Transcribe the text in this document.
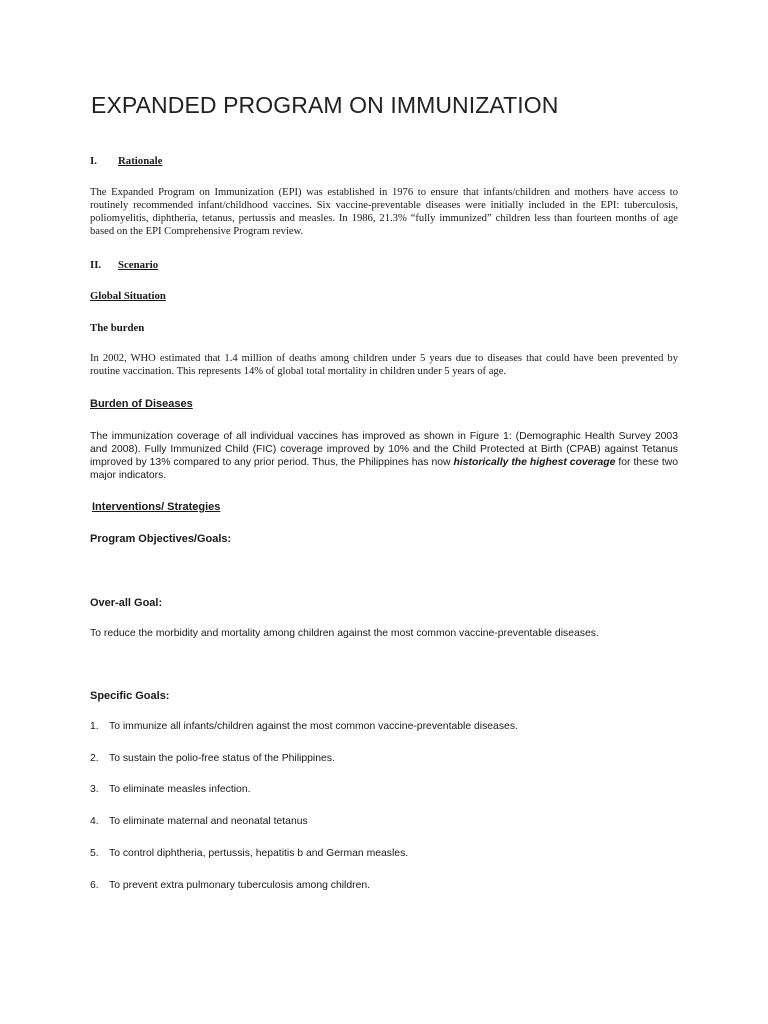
EXPANDED PROGRAM ON IMMUNIZATION
I. Rationale

The Expanded Program on Immunization (EPI) was established in 1976 to ensure that infants/children and mothers have access to routinely recommended infant/childhood vaccines. Six vaccine-preventable diseases were initially included in the EPI: tuberculosis, poliomyelitis, diphtheria, tetanus, pertussis and measles. In 1986, 21.3% “fully immunized” children less than fourteen months of age based on the EPI Comprehensive Program review.

II. Scenario
Global Situation
The burden

In 2002, WHO estimated that 1.4 million of deaths among children under 5 years due to diseases that could have been prevented by routine vaccination. This represents 14% of global total mortality in children under 5 years of age.

Burden of Diseases

The immunization coverage of all individual vaccines has improved as shown in Figure 1: (Demographic Health Survey 2003 and 2008). Fully Immunized Child (FIC) coverage improved by 10% and the Child Protected at Birth (CPAB) against Tetanus improved by 13% compared to any prior period. Thus, the Philippines has now historically the highest coverage for these two major indicators.

Interventions/ Strategies
Program Objectives/Goals:
Over-all Goal:

To reduce the morbidity and mortality among children against the most common vaccine-preventable diseases.

Specific Goals:
1. To immunize all infants/children against the most common vaccine-preventable diseases.
2. To sustain the polio-free status of the Philippines.
3. To eliminate measles infection.
4. To eliminate maternal and neonatal tetanus
5. To control diphtheria, pertussis, hepatitis b and German measles.
6. To prevent extra pulmonary tuberculosis among children.
